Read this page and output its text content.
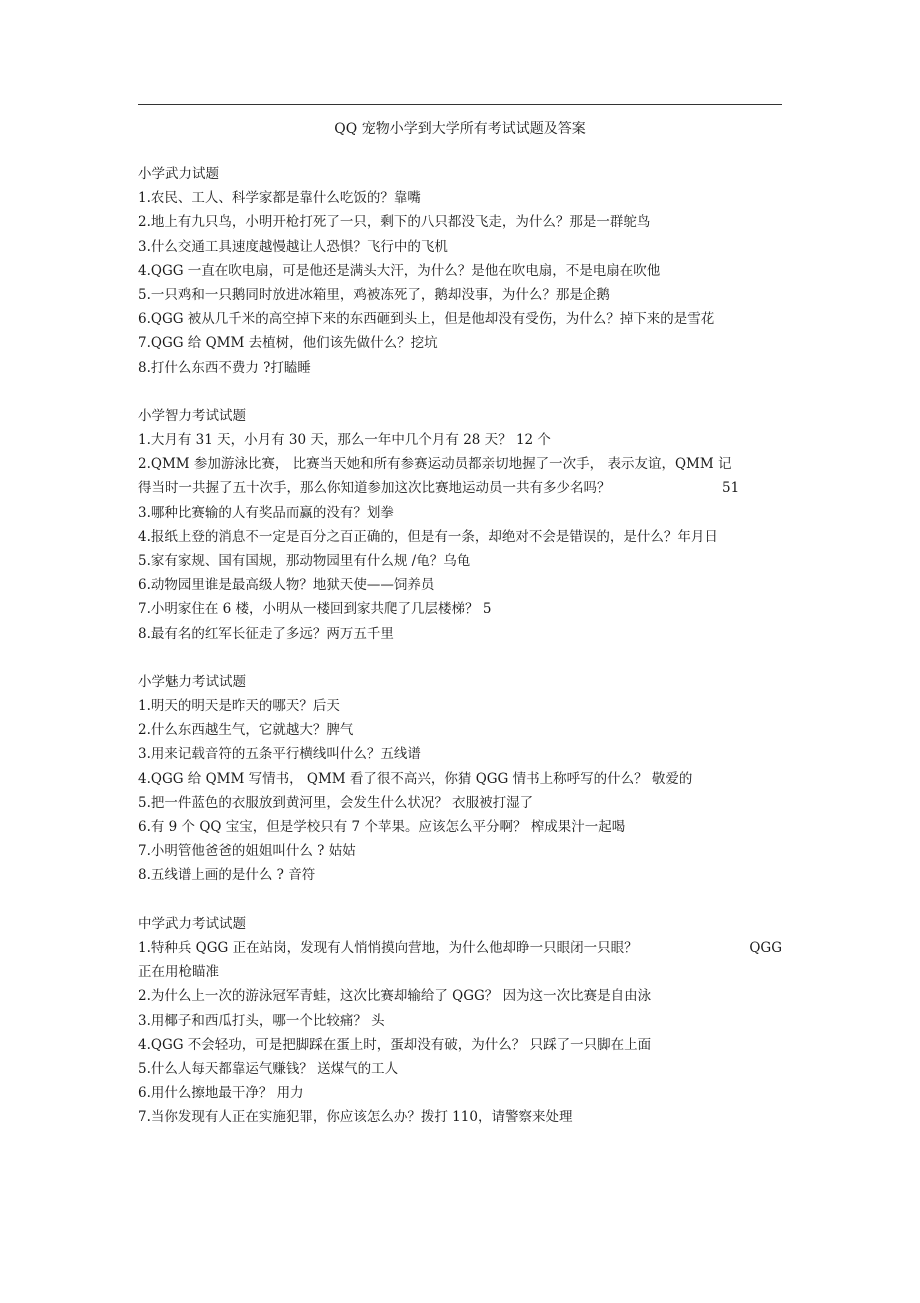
QQ 宠物小学到大学所有考试试题及答案
小学武力试题

1.农民、工人、科学家都是靠什么吃饭的？靠嘴

2.地上有九只鸟，小明开枪打死了一只，剩下的八只都没飞走，为什么？那是一群鸵鸟

3.什么交通工具速度越慢越让人恐惧？飞行中的飞机

4.QGG 一直在吹电扇，可是他还是满头大汗，为什么？是他在吹电扇，不是电扇在吹他

5.一只鸡和一只鹅同时放进冰箱里，鸡被冻死了，鹅却没事，为什么？那是企鹅

6.QGG 被从几千米的高空掉下来的东西砸到头上，但是他却没有受伤，为什么？掉下来的是雪花

7.QGG 给 QMM 去植树，他们该先做什么？挖坑

8.打什么东西不费力 ?打瞌睡

小学智力考试试题

1.大月有 31 天，小月有 30 天，那么一年中几个月有 28 天？ 12 个

2.QMM 参加游泳比赛， 比赛当天她和所有参赛运动员都亲切地握了一次手， 表示友谊，QMM 记得当时一共握了五十次手，那么你知道参加这次比赛地运动员一共有多少名吗？	51

3.哪种比赛输的人有奖品而赢的没有？划拳

4.报纸上登的消息不一定是百分之百正确的，但是有一条，却绝对不会是错误的，是什么？年月日

5.家有家规、国有国规，那动物园里有什么规 /龟？乌龟

6.动物园里谁是最高级人物？地狱天使——饲养员

7.小明家住在 6 楼，小明从一楼回到家共爬了几层楼梯？ 5

8.最有名的红军长征走了多远？两万五千里

小学魅力考试试题

1.明天的明天是昨天的哪天？后天

2.什么东西越生气，它就越大？脾气

3.用来记载音符的五条平行横线叫什么？五线谱

4.QGG 给 QMM 写情书， QMM 看了很不高兴，你猜 QGG 情书上称呼写的什么？ 敬爱的

5.把一件蓝色的衣服放到黄河里，会发生什么状况？ 衣服被打湿了

6.有 9 个 QQ 宝宝，但是学校只有 7 个苹果。应该怎么平分啊？ 榨成果汁一起喝

7.小明管他爸爸的姐姐叫什么 ? 姑姑

8.五线谱上画的是什么 ? 音符

中学武力考试试题
1.特种兵 QGG 正在站岗，发现有人悄悄摸向营地，为什么他却睁一只眼闭一只眼？	QGG

正在用枪瞄准

2.为什么上一次的游泳冠军青蛙，这次比赛却输给了 QGG？ 因为这一次比赛是自由泳

3.用椰子和西瓜打头，哪一个比较痛？ 头

4.QGG 不会轻功，可是把脚踩在蛋上时，蛋却没有破，为什么？ 只踩了一只脚在上面

5.什么人每天都靠运气赚钱？ 送煤气的工人

6.用什么擦地最干净？ 用力

7.当你发现有人正在实施犯罪，你应该怎么办？拨打 110，请警察来处理
